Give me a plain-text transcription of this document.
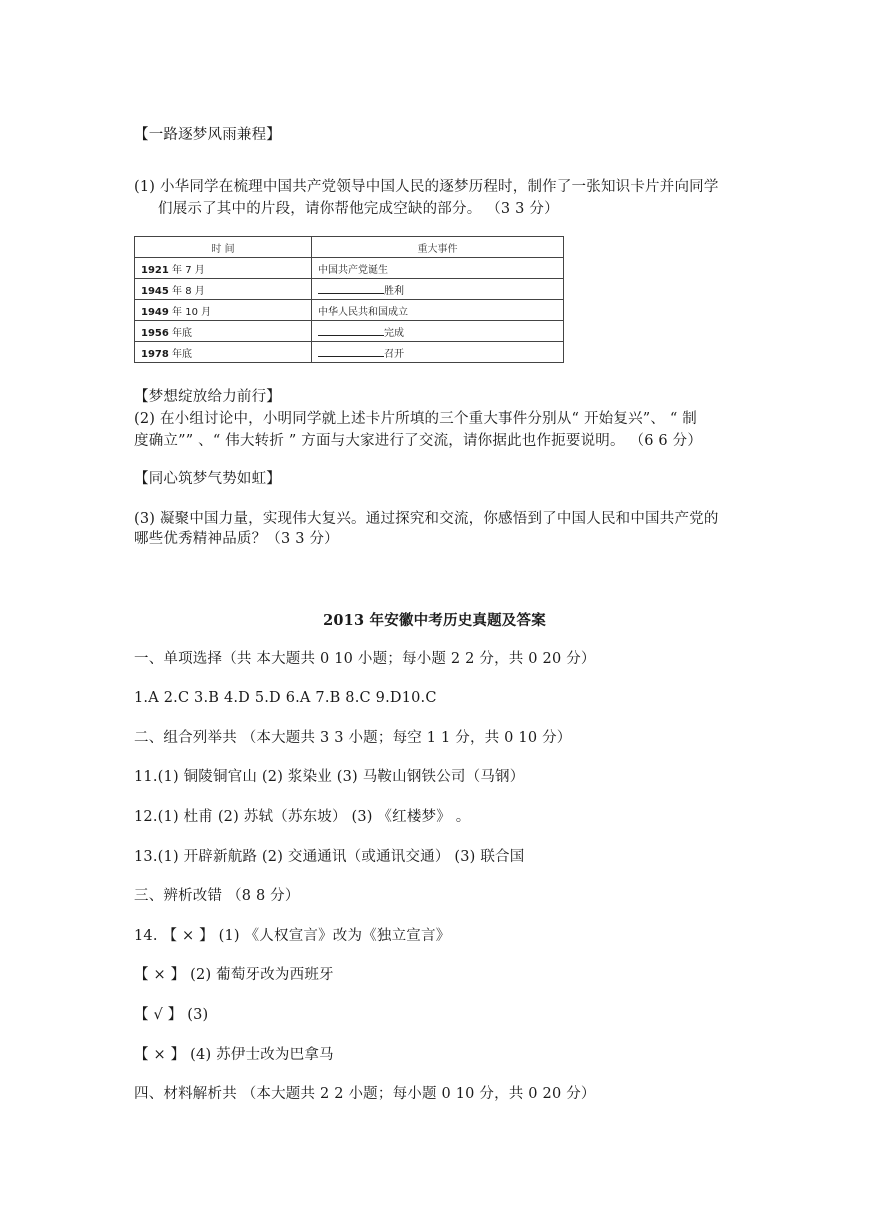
【一路逐梦风雨兼程】
(1) 小华同学在梳理中国共产党领导中国人民的逐梦历程时，制作了一张知识卡片并向同学
们展示了其中的片段，请你帮他完成空缺的部分。 （3 3 分）
时 间	重大事件
1921 年 7 月	中国共产党诞生
1945 年 8 月	胜利
1949 年 10 月	中华人民共和国成立
1956 年底	完成
1978 年底	召开
【梦想绽放给力前行】
(2) 在小组讨论中，小明同学就上述卡片所填的三个重大事件分别从“ 开始复兴”、 “ 制
度确立”” 、“ 伟大转折 ” 方面与大家进行了交流，请你据此也作扼要说明。 （6 6 分）
【同心筑梦气势如虹】
(3) 凝聚中国力量，实现伟大复兴。通过探究和交流，你感悟到了中国人民和中国共产党的
哪些优秀精神品质？（3 3 分）
2013 年安徽中考历史真题及答案
一、单项选择（共 本大题共 0 10 小题；每小题 2 2 分，共 0 20 分）
1.A 2.C 3.B 4.D 5.D 6.A 7.B 8.C 9.D10.C
二、组合列举共 （本大题共 3 3 小题；每空 1 1 分，共 0 10 分）
11.(1) 铜陵铜官山 (2) 浆染业 (3) 马鞍山钢铁公司（马钢）
12.(1) 杜甫 (2) 苏轼（苏东坡） (3) 《红楼梦》 。
13.(1) 开辟新航路 (2) 交通通讯（或通讯交通） (3) 联合国
三、辨析改错 （8 8 分）
14. 【 × 】 (1) 《人权宣言》改为《独立宣言》
【 × 】 (2) 葡萄牙改为西班牙
【 √ 】 (3)
【 × 】 (4) 苏伊士改为巴拿马
四、材料解析共 （本大题共 2 2 小题；每小题 0 10 分，共 0 20 分）
